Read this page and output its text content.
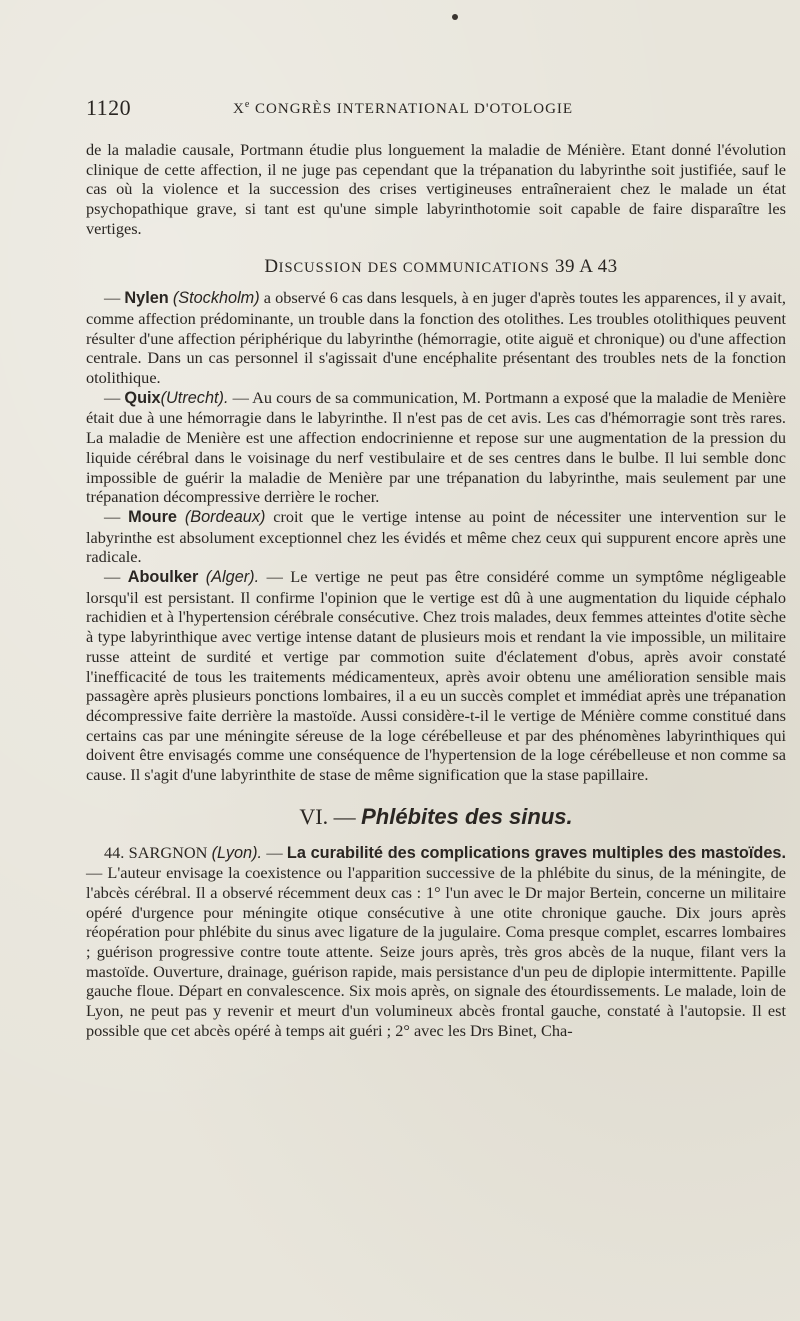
1120	Xe CONGRÈS INTERNATIONAL D'OTOLOGIE

de la maladie causale, Portmann étudie plus longuement la maladie de Ménière. Etant donné l'évolution clinique de cette affection, il ne juge pas cependant que la trépanation du labyrinthe soit justifiée, sauf le cas où la violence et la succession des crises vertigineuses entraîneraient chez le malade un état psychopathique grave, si tant est qu'une simple labyrinthotomie soit capable de faire disparaître les vertiges.

DISCUSSION DES COMMUNICATIONS 39 A 43

— Nylen (Stockholm) a observé 6 cas dans lesquels, à en juger d'après toutes les apparences, il y avait, comme affection prédominante, un trouble dans la fonction des otolithes. Les troubles otolithiques peuvent résulter d'une affection périphérique du labyrinthe (hémorragie, otite aiguë et chronique) ou d'une affection centrale. Dans un cas personnel il s'agissait d'une encéphalite présentant des troubles nets de la fonction otolithique.

— Quix(Utrecht). — Au cours de sa communication, M. Portmann a exposé que la maladie de Menière était due à une hémorragie dans le labyrinthe. Il n'est pas de cet avis. Les cas d'hémorragie sont très rares. La maladie de Menière est une affection endocrinienne et repose sur une augmentation de la pression du liquide cérébral dans le voisinage du nerf vestibulaire et de ses centres dans le bulbe. Il lui semble donc impossible de guérir la maladie de Menière par une trépanation du labyrinthe, mais seulement par une trépanation décompressive derrière le rocher.

— Moure (Bordeaux) croit que le vertige intense au point de nécessiter une intervention sur le labyrinthe est absolument exceptionnel chez les évidés et même chez ceux qui suppurent encore après une radicale.

— Aboulker (Alger). — Le vertige ne peut pas être considéré comme un symptôme négligeable lorsqu'il est persistant. Il confirme l'opinion que le vertige est dû à une augmentation du liquide céphalo rachidien et à l'hypertension cérébrale consécutive. Chez trois malades, deux femmes atteintes d'otite sèche à type labyrinthique avec vertige intense datant de plusieurs mois et rendant la vie impossible, un militaire russe atteint de surdité et vertige par commotion suite d'éclatement d'obus, après avoir constaté l'inefficacité de tous les traitements médicamenteux, après avoir obtenu une amélioration sensible mais passagère après plusieurs ponctions lombaires, il a eu un succès complet et immédiat après une trépanation décompressive faite derrière la mastoïde. Aussi considère-t-il le vertige de Ménière comme constitué dans certains cas par une méningite séreuse de la loge cérébelleuse et par des phénomènes labyrinthiques qui doivent être envisagés comme une conséquence de l'hypertension de la loge cérébelleuse et non comme sa cause. Il s'agit d'une labyrinthite de stase de même signification que la stase papillaire.

VI. — Phlébites des sinus.

44. SARGNON (Lyon). — La curabilité des complications graves multiples des mastoïdes. — L'auteur envisage la coexistence ou l'apparition successive de la phlébite du sinus, de la méningite, de l'abcès cérébral. Il a observé récemment deux cas : 1° l'un avec le Dr major Bertein, concerne un militaire opéré d'urgence pour méningite otique consécutive à une otite chronique gauche. Dix jours après réopération pour phlébite du sinus avec ligature de la jugulaire. Coma presque complet, escarres lombaires ; guérison progressive contre toute attente. Seize jours après, très gros abcès de la nuque, filant vers la mastoïde. Ouverture, drainage, guérison rapide, mais persistance d'un peu de diplopie intermittente. Papille gauche floue. Départ en convalescence. Six mois après, on signale des étourdissements. Le malade, loin de Lyon, ne peut pas y revenir et meurt d'un volumineux abcès frontal gauche, constaté à l'autopsie. Il est possible que cet abcès opéré à temps ait guéri ; 2° avec les Drs Binet, Cha-
